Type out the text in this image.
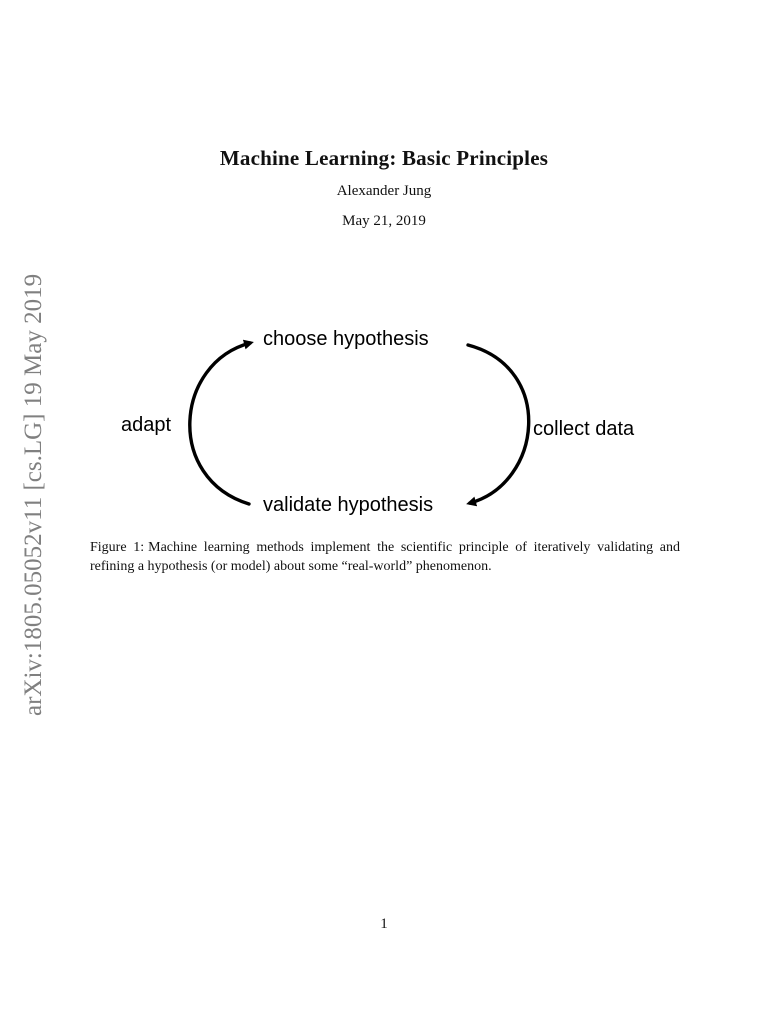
arXiv:1805.05052v11 [cs.LG] 19 May 2019
Machine Learning: Basic Principles
Alexander Jung
May 21, 2019
choose hypothesis
validate hypothesis
adapt	collect data
Figure 1: Machine learning methods implement the scientific principle of iteratively validating and refining a hypothesis (or model) about some “real-world” phenomenon.
1
